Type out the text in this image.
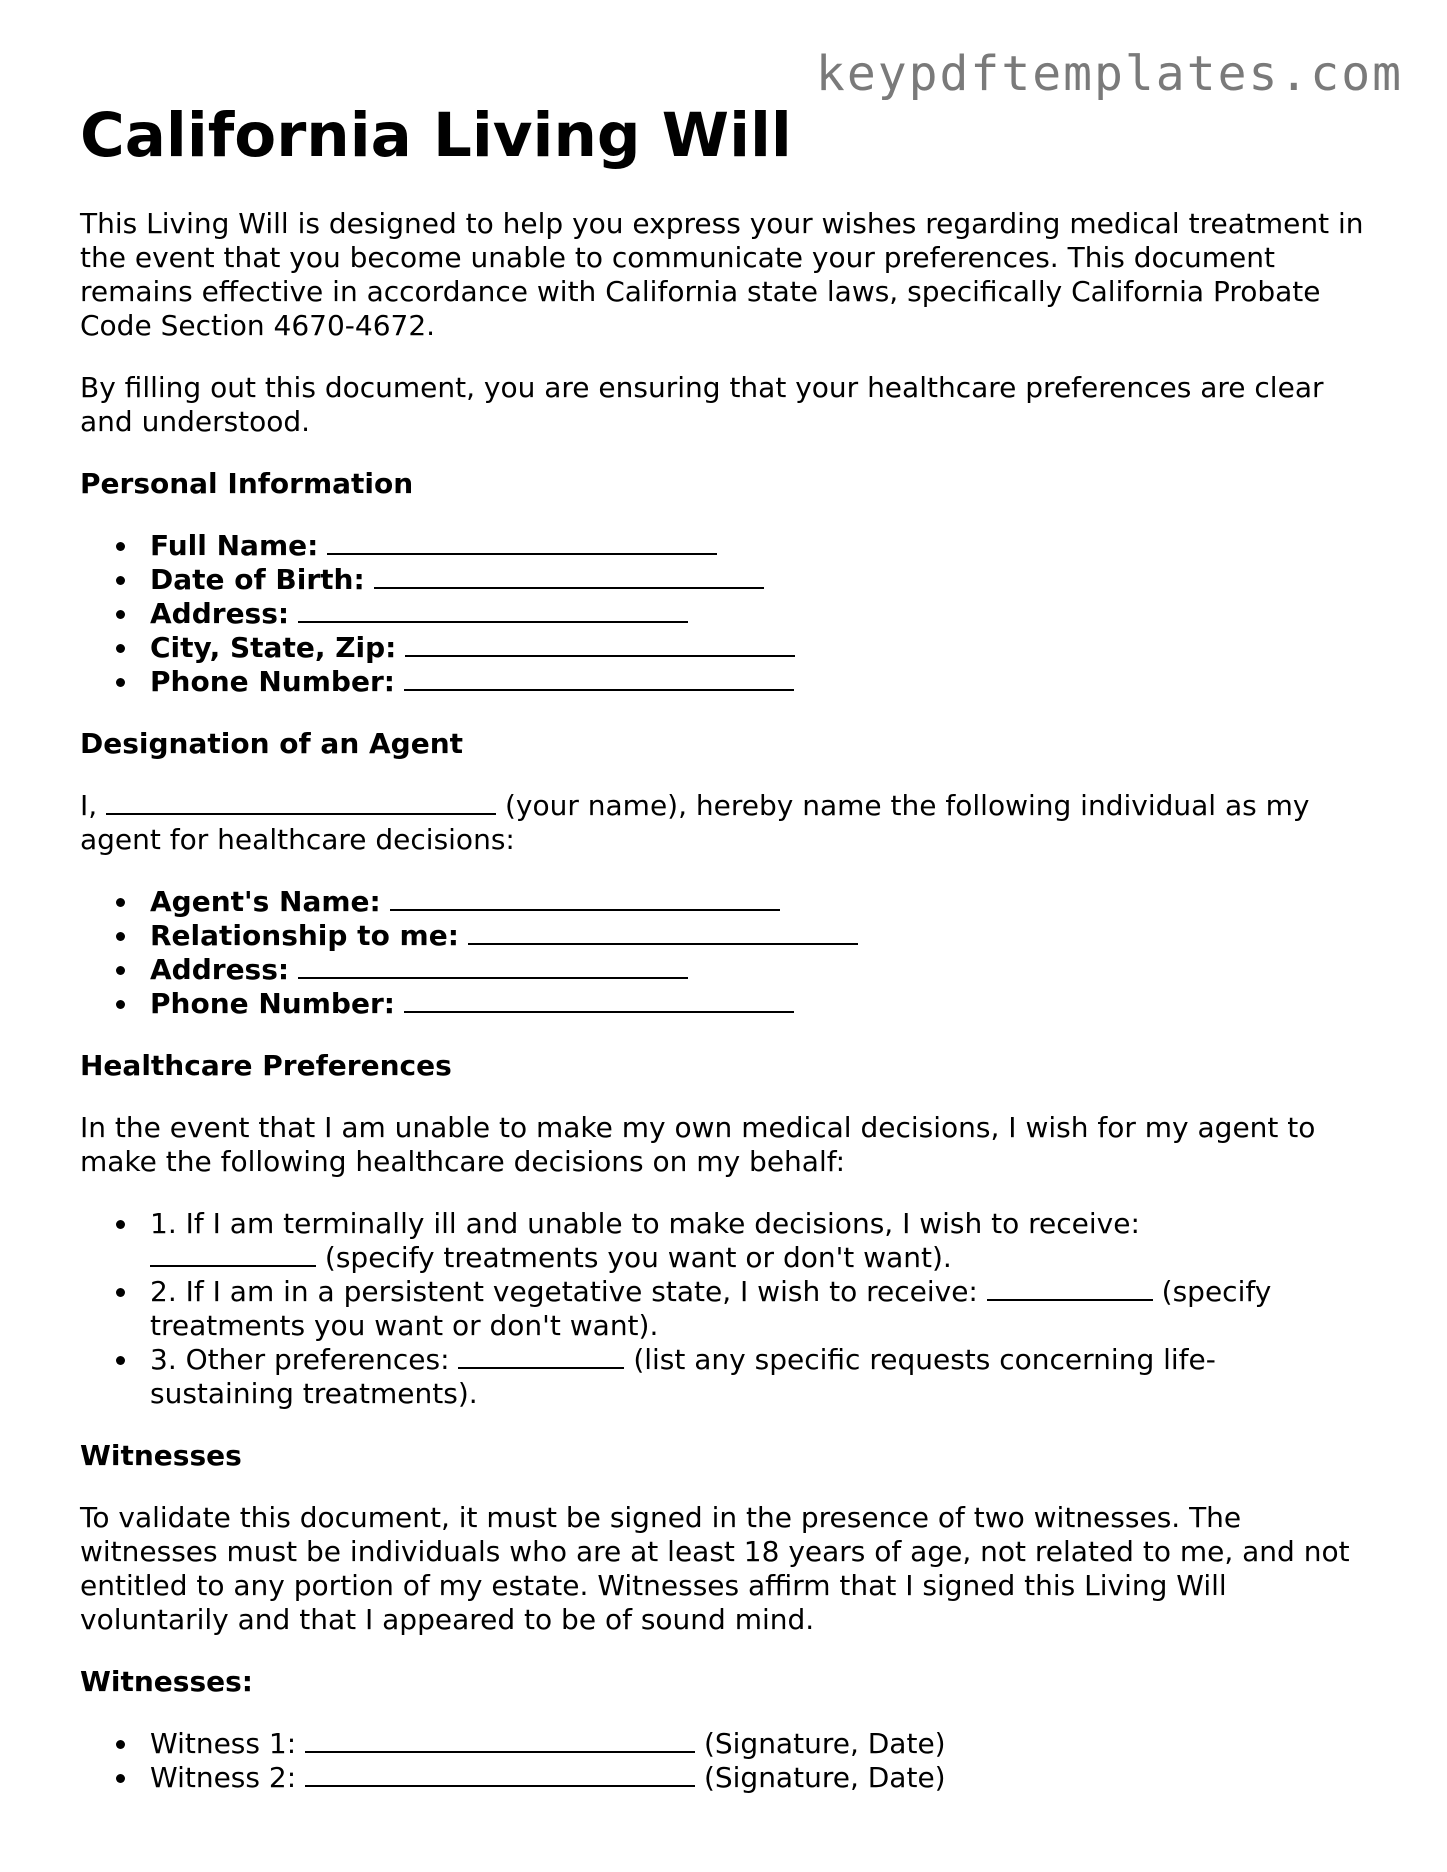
keypdftemplates.com
California Living Will

This Living Will is designed to help you express your wishes regarding medical treatment in the event that you become unable to communicate your preferences. This document remains effective in accordance with California state laws, specifically California Probate Code Section 4670-4672.

By filling out this document, you are ensuring that your healthcare preferences are clear and understood.

Personal Information
Full Name:
Date of Birth:
Address:
City, State, Zip:
Phone Number:
Designation of an Agent

I,	(your name), hereby name the following individual as my agent for healthcare decisions:

Agent's Name:
Relationship to me:
Address:
Phone Number:
Healthcare Preferences

In the event that I am unable to make my own medical decisions, I wish for my agent to make the following healthcare decisions on my behalf:

1. If I am terminally ill and unable to make decisions, I wish to receive:  (specify treatments you want or don't want).
2. If I am in a persistent vegetative state, I wish to receive:	(specify treatments you want or don't want).
3. Other preferences:	(list any specific requests concerning life-sustaining treatments).
Witnesses

To validate this document, it must be signed in the presence of two witnesses. The witnesses must be individuals who are at least 18 years of age, not related to me, and not entitled to any portion of my estate. Witnesses affirm that I signed this Living Will voluntarily and that I appeared to be of sound mind.

Witnesses:
Witness 1:	(Signature, Date)
Witness 2:	(Signature, Date)
